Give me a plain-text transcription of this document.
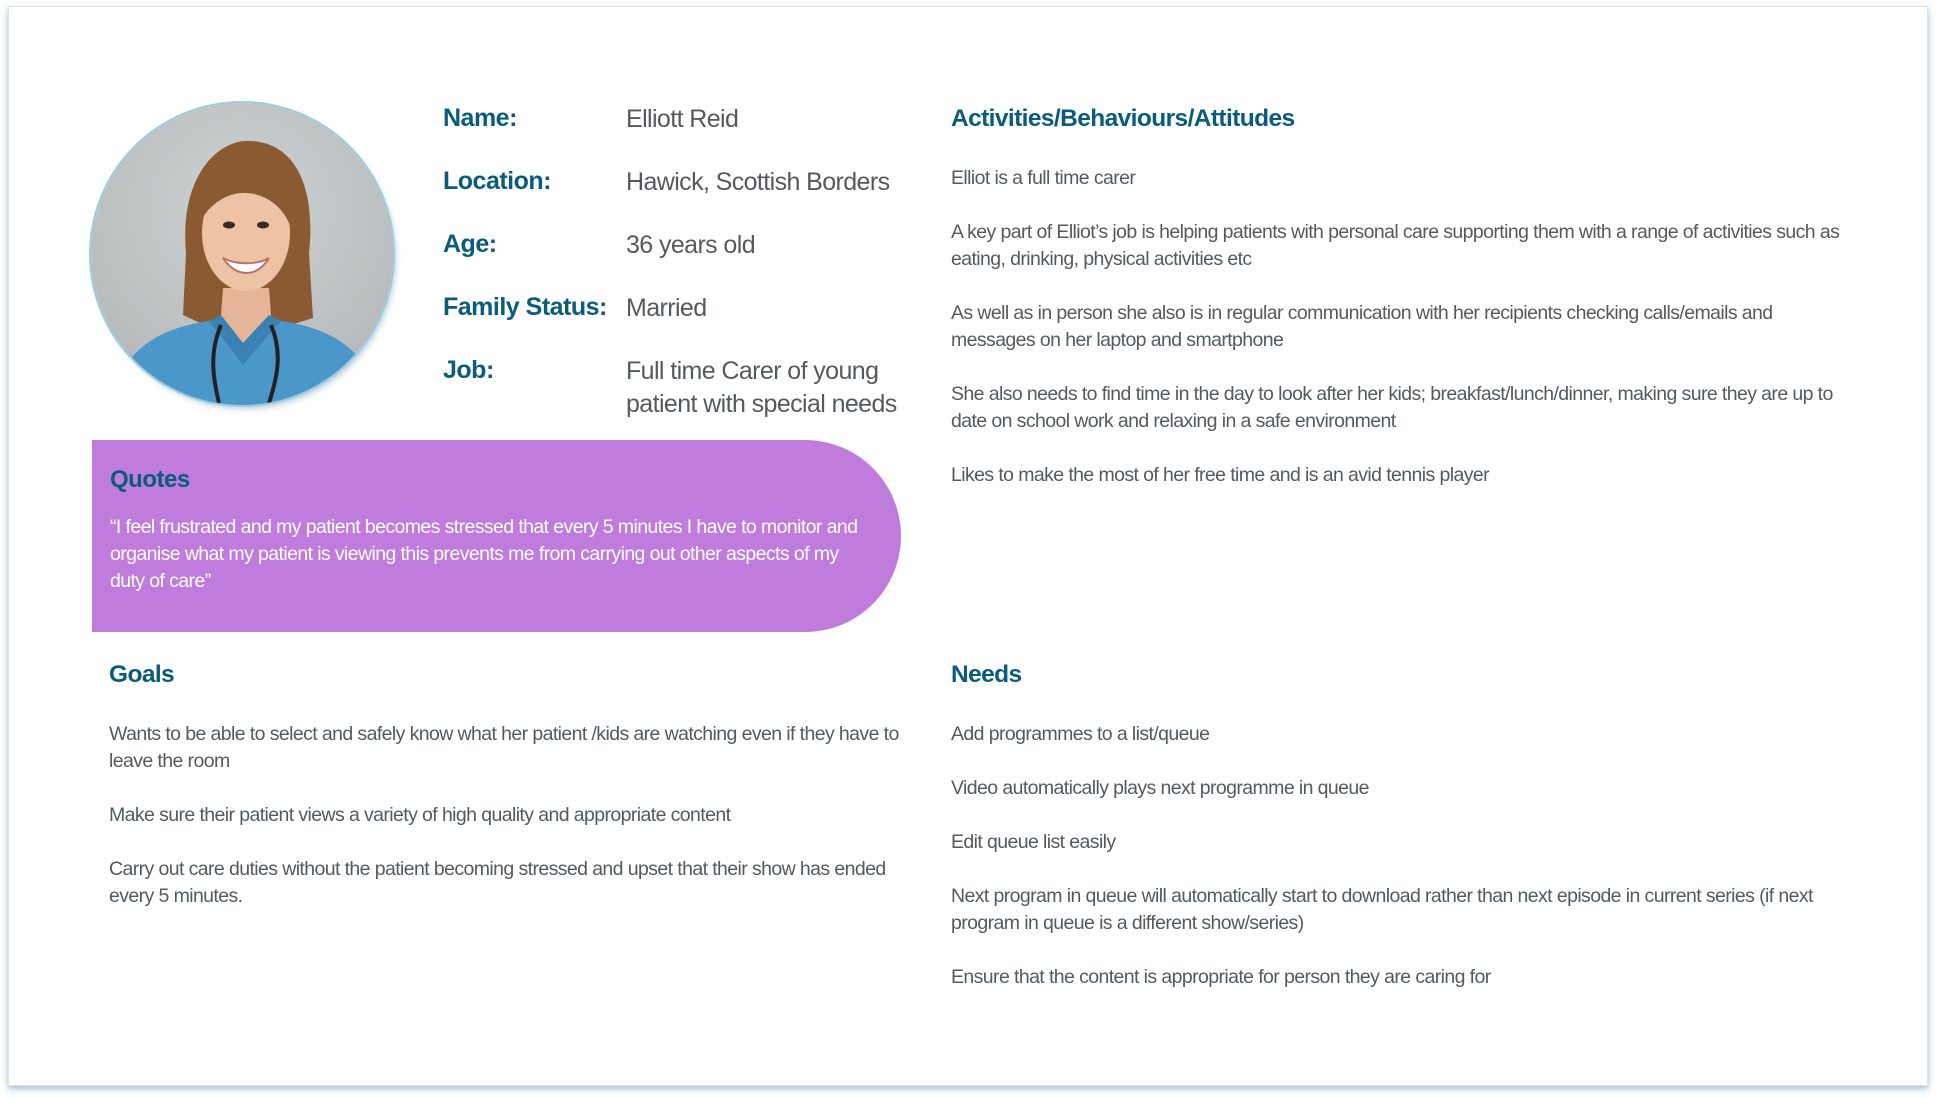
Name:	Elliott Reid
Location:	Hawick, Scottish Borders
Age:	36 years old
Family Status: Married
Job:	Full time Carer of young
patient with special needs
Activities/Behaviours/Attitudes

Elliot is a full time carer

A key part of Elliot’s job is helping patients with personal care supporting them with a range of activities such as eating, drinking, physical activities etc

As well as in person she also is in regular communication with her recipients checking calls/emails and messages on her laptop and smartphone

She also needs to find time in the day to look after her kids; breakfast/lunch/dinner, making sure they are up to date on school work and relaxing in a safe environment

Likes to make the most of her free time and is an avid tennis player

Quotes
“I feel frustrated and my patient becomes stressed that every 5 minutes I have to monitor and organise what my patient is viewing this prevents me from carrying out other aspects of my duty of care”
Goals

Wants to be able to select and safely know what her patient /kids are watching even if they have to leave the room

Make sure their patient views a variety of high quality and appropriate content

Carry out care duties without the patient becoming stressed and upset that their show has ended every 5 minutes.

Needs

Add programmes to a list/queue

Video automatically plays next programme in queue

Edit queue list easily

Next program in queue will automatically start to download rather than next episode in current series (if next program in queue is a different show/series)

Ensure that the content is appropriate for person they are caring for
